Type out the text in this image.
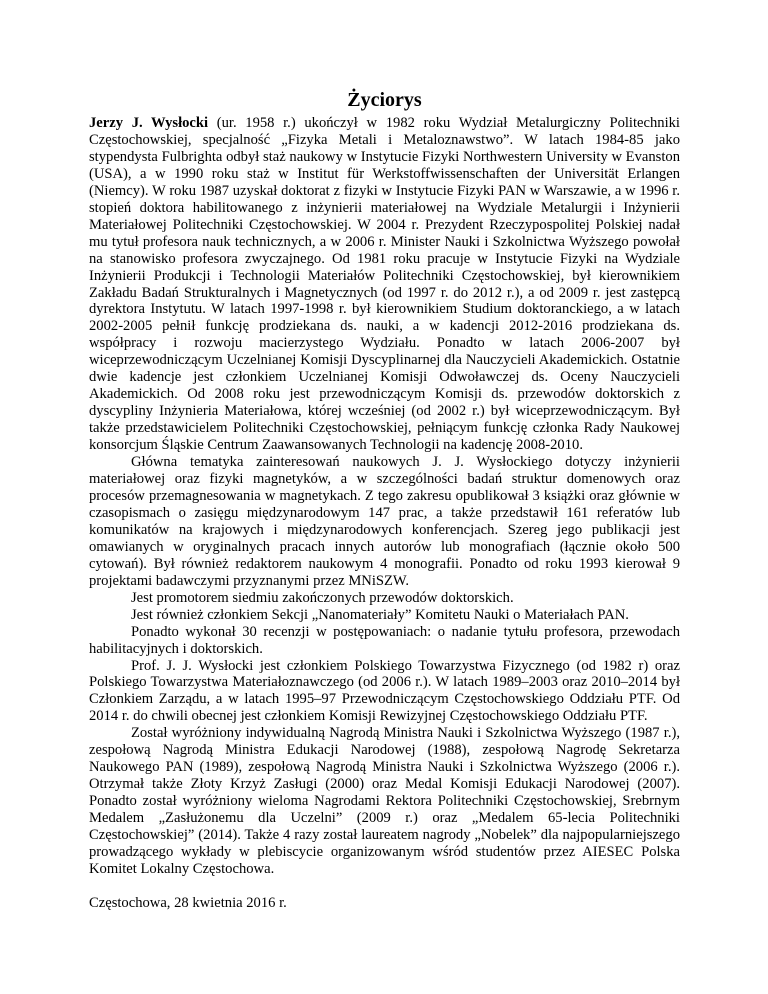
Życiorys

Jerzy J. Wysłocki (ur. 1958 r.) ukończył w 1982 roku Wydział Metalurgiczny Politechniki Częstochowskiej, specjalność „Fizyka Metali i Metaloznawstwo”. W latach 1984-85 jako stypendysta Fulbrighta odbył staż naukowy w Instytucie Fizyki Northwestern University w Evanston (USA), a w 1990 roku staż w Institut für Werkstoffwissenschaften der Universität Erlangen (Niemcy). W roku 1987 uzyskał doktorat z fizyki w Instytucie Fizyki PAN w Warszawie, a w 1996 r. stopień doktora habilitowanego z inżynierii materiałowej na Wydziale Metalurgii i Inżynierii Materiałowej Politechniki Częstochowskiej. W 2004 r. Prezydent Rzeczypospolitej Polskiej nadał mu tytuł profesora nauk technicznych, a w 2006 r. Minister Nauki i Szkolnictwa Wyższego powołał na stanowisko profesora zwyczajnego. Od 1981 roku pracuje w Instytucie Fizyki na Wydziale Inżynierii Produkcji i Technologii Materiałów Politechniki Częstochowskiej, był kierownikiem Zakładu Badań Strukturalnych i Magnetycznych (od 1997 r. do 2012 r.), a od 2009 r. jest zastępcą dyrektora Instytutu. W latach 1997-1998 r. był kierownikiem Studium doktoranckiego, a w latach 2002-2005 pełnił funkcję prodziekana ds. nauki, a w kadencji 2012-2016 prodziekana ds. współpracy i rozwoju macierzystego Wydziału. Ponadto w latach 2006-2007 był wiceprzewodniczącym Uczelnianej Komisji Dyscyplinarnej dla Nauczycieli Akademickich. Ostatnie dwie kadencje jest członkiem Uczelnianej Komisji Odwoławczej ds. Oceny Nauczycieli Akademickich. Od 2008 roku jest przewodniczącym Komisji ds. przewodów doktorskich z dyscypliny Inżynieria Materiałowa, której wcześniej (od 2002 r.) był wiceprzewodniczącym. Był także przedstawicielem Politechniki Częstochowskiej, pełniącym funkcję członka Rady Naukowej konsorcjum Śląskie Centrum Zaawansowanych Technologii na kadencję 2008-2010.

Główna tematyka zainteresowań naukowych J. J. Wysłockiego dotyczy inżynierii materiałowej oraz fizyki magnetyków, a w szczególności badań struktur domenowych oraz procesów przemagnesowania w magnetykach. Z tego zakresu opublikował 3 książki oraz głównie w czasopismach o zasięgu międzynarodowym 147 prac, a także przedstawił 161 referatów lub komunikatów na krajowych i międzynarodowych konferencjach. Szereg jego publikacji jest omawianych w oryginalnych pracach innych autorów lub monografiach (łącznie około 500 cytowań). Był również redaktorem naukowym 4 monografii. Ponadto od roku 1993 kierował 9 projektami badawczymi przyznanymi przez MNiSZW.

Jest promotorem siedmiu zakończonych przewodów doktorskich.

Jest również członkiem Sekcji „Nanomateriały” Komitetu Nauki o Materiałach PAN.

Ponadto wykonał 30 recenzji w postępowaniach: o nadanie tytułu profesora, przewodach habilitacyjnych i doktorskich.

Prof. J. J. Wysłocki jest członkiem Polskiego Towarzystwa Fizycznego (od 1982 r) oraz Polskiego Towarzystwa Materiałoznawczego (od 2006 r.). W latach 1989–2003 oraz 2010–2014 był Członkiem Zarządu, a w latach 1995–97 Przewodniczącym Częstochowskiego Oddziału PTF. Od 2014 r. do chwili obecnej jest członkiem Komisji Rewizyjnej Częstochowskiego Oddziału PTF.

Został wyróżniony indywidualną Nagrodą Ministra Nauki i Szkolnictwa Wyższego (1987 r.), zespołową Nagrodą Ministra Edukacji Narodowej (1988), zespołową Nagrodę Sekretarza Naukowego PAN (1989), zespołową Nagrodą Ministra Nauki i Szkolnictwa Wyższego (2006 r.). Otrzymał także Złoty Krzyż Zasługi (2000) oraz Medal Komisji Edukacji Narodowej (2007). Ponadto został wyróżniony wieloma Nagrodami Rektora Politechniki Częstochowskiej, Srebrnym Medalem „Zasłużonemu dla Uczelni” (2009 r.) oraz „Medalem 65-lecia Politechniki Częstochowskiej” (2014). Także 4 razy został laureatem nagrody „Nobelek” dla najpopularniejszego prowadzącego wykłady w plebiscycie organizowanym wśród studentów przez AIESEC Polska Komitet Lokalny Częstochowa.

Częstochowa, 28 kwietnia 2016 r.
